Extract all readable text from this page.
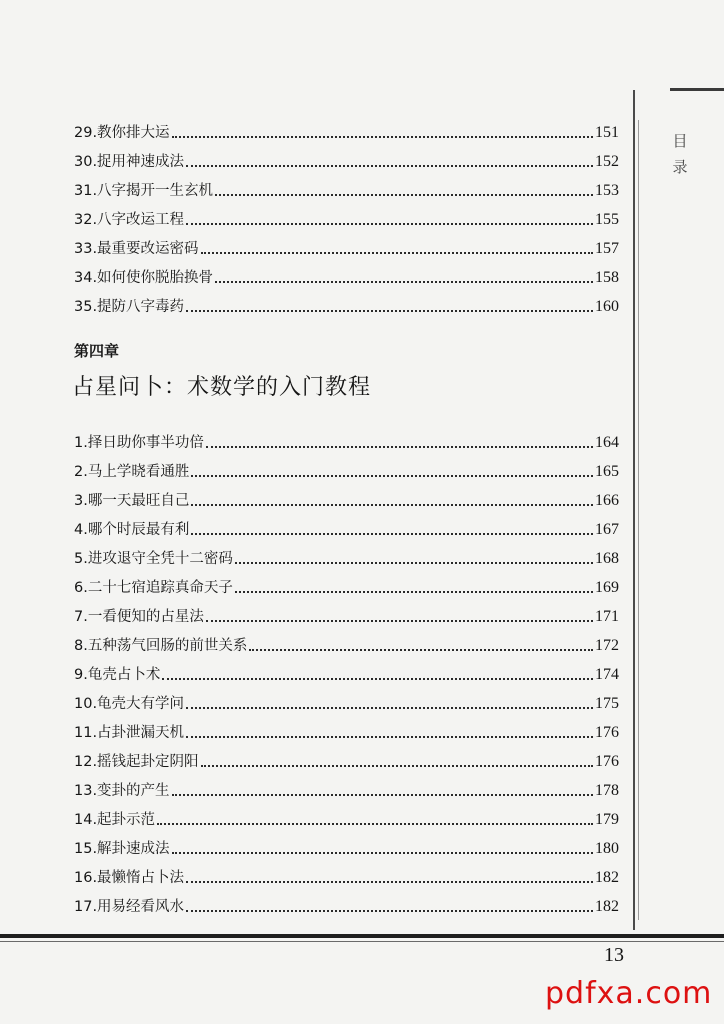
29.教你排大运	151
30.捉用神速成法	152
31.八字揭开一生玄机	153
32.八字改运工程	155
33.最重要改运密码	157
34.如何使你脱胎换骨	158
35.提防八字毒药	160
第四章
占星问卜：术数学的入门教程
1.择日助你事半功倍	164
2.马上学晓看通胜	165
3.哪一天最旺自己	166
4.哪个时辰最有利	167
5.进攻退守全凭十二密码	168
6.二十七宿追踪真命天子	169
7.一看便知的占星法	171
8.五种荡气回肠的前世关系	172
9.龟壳占卜术	174
10.龟壳大有学问	175
11.占卦泄漏天机	176
12.摇钱起卦定阴阳	176
13.变卦的产生	178
14.起卦示范	179
15.解卦速成法	180
16.最懒惰占卜法	182
17.用易经看风水	182
目
录
13
pdfxa.com
